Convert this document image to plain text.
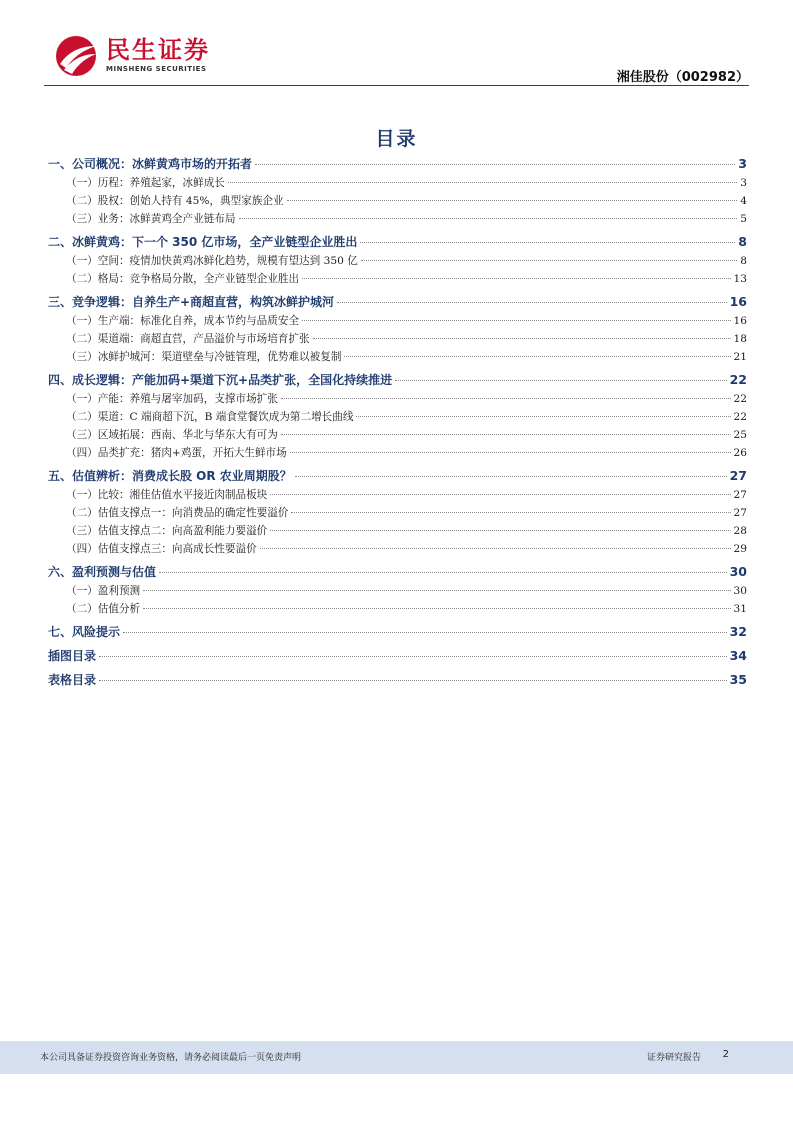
民生证券
MINSHENG SECURITIES
湘佳股份（002982）
目录
一、公司概况：冰鲜黄鸡市场的开拓者	3
（一）历程：养殖起家，冰鲜成长	3
（二）股权：创始人持有 45%，典型家族企业	4
（三）业务：冰鲜黄鸡全产业链布局	5
二、冰鲜黄鸡：下一个 350 亿市场，全产业链型企业胜出	8
（一）空间：疫情加快黄鸡冰鲜化趋势，规模有望达到 350 亿	8
（二）格局：竞争格局分散，全产业链型企业胜出	13
三、竞争逻辑：自养生产+商超直营，构筑冰鲜护城河	16
（一）生产端：标准化自养，成本节约与品质安全	16
（二）渠道端：商超直营，产品溢价与市场培育扩张	18
（三）冰鲜护城河：渠道壁垒与冷链管理，优势难以被复制	21
四、成长逻辑：产能加码+渠道下沉+品类扩张，全国化持续推进	22
（一）产能：养殖与屠宰加码，支撑市场扩张	22
（二）渠道：C 端商超下沉，B 端食堂餐饮成为第二增长曲线	22
（三）区域拓展：西南、华北与华东大有可为	25
（四）品类扩充：猪肉+鸡蛋，开拓大生鲜市场	26
五、估值辨析：消费成长股 OR 农业周期股？	27
（一）比较：湘佳估值水平接近肉制品板块	27
（二）估值支撑点一：向消费品的确定性要溢价	27
（三）估值支撑点二：向高盈利能力要溢价	28
（四）估值支撑点三：向高成长性要溢价	29
六、盈利预测与估值	30
（一）盈利预测	30
（二）估值分析	31
七、风险提示	32
插图目录	34
表格目录	35
本公司具备证券投资咨询业务资格，请务必阅读最后一页免责声明	证券研究报告 2
